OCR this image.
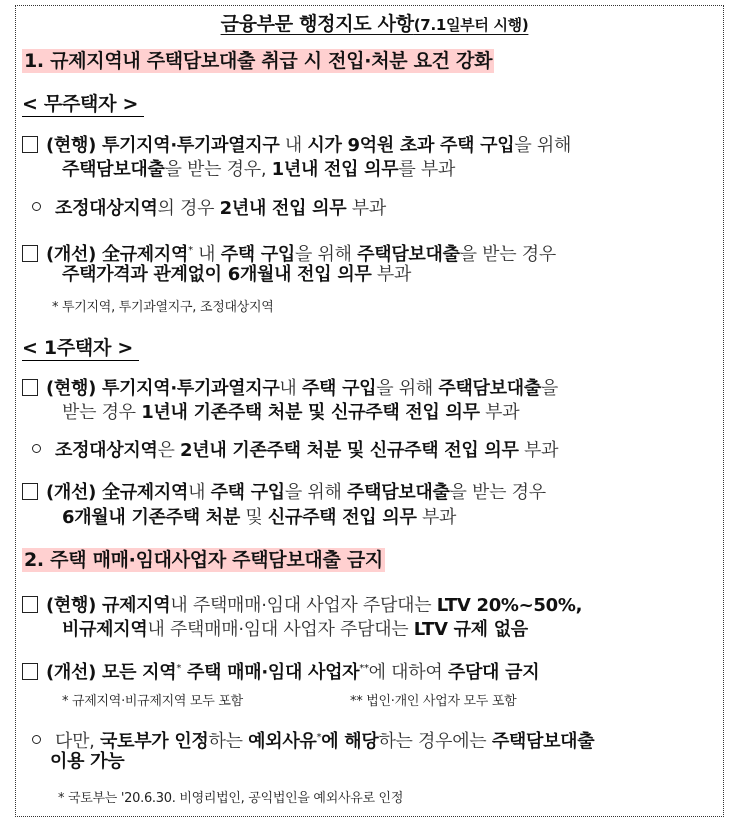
금융부문 행정지도 사항(7.1일부터 시행)
1. 규제지역내 주택담보대출 취급 시 전입·처분 요건 강화
< 무주택자 >
(현행) 투기지역·투기과열지구 내 시가 9억원 초과 주택 구입을 위해
주택담보대출을 받는 경우, 1년내 전입 의무를 부과
조정대상지역의 경우 2년내 전입 의무 부과
(개선) 全규제지역* 내 주택 구입을 위해 주택담보대출을 받는 경우
주택가격과 관계없이 6개월내 전입 의무 부과
* 투기지역, 투기과열지구, 조정대상지역
< 1주택자 >
(현행) 투기지역·투기과열지구내 주택 구입을 위해 주택담보대출을
받는 경우 1년내 기존주택 처분 및 신규주택 전입 의무 부과
조정대상지역은 2년내 기존주택 처분 및 신규주택 전입 의무 부과
(개선) 全규제지역내 주택 구입을 위해 주택담보대출을 받는 경우
6개월내 기존주택 처분 및 신규주택 전입 의무 부과
2. 주택 매매·임대사업자 주택담보대출 금지
(현행) 규제지역내 주택매매·임대 사업자 주담대는 LTV 20%~50%,
비규제지역내 주택매매·임대 사업자 주담대는 LTV 규제 없음
(개선) 모든 지역* 주택 매매·임대 사업자**에 대하여 주담대 금지
* 규제지역·비규제지역 모두 포함	** 법인·개인 사업자 모두 포함
다만, 국토부가 인정하는 예외사유*에 해당하는 경우에는 주택담보대출
이용 가능
* 국토부는 '20.6.30. 비영리법인, 공익법인을 예외사유로 인정
